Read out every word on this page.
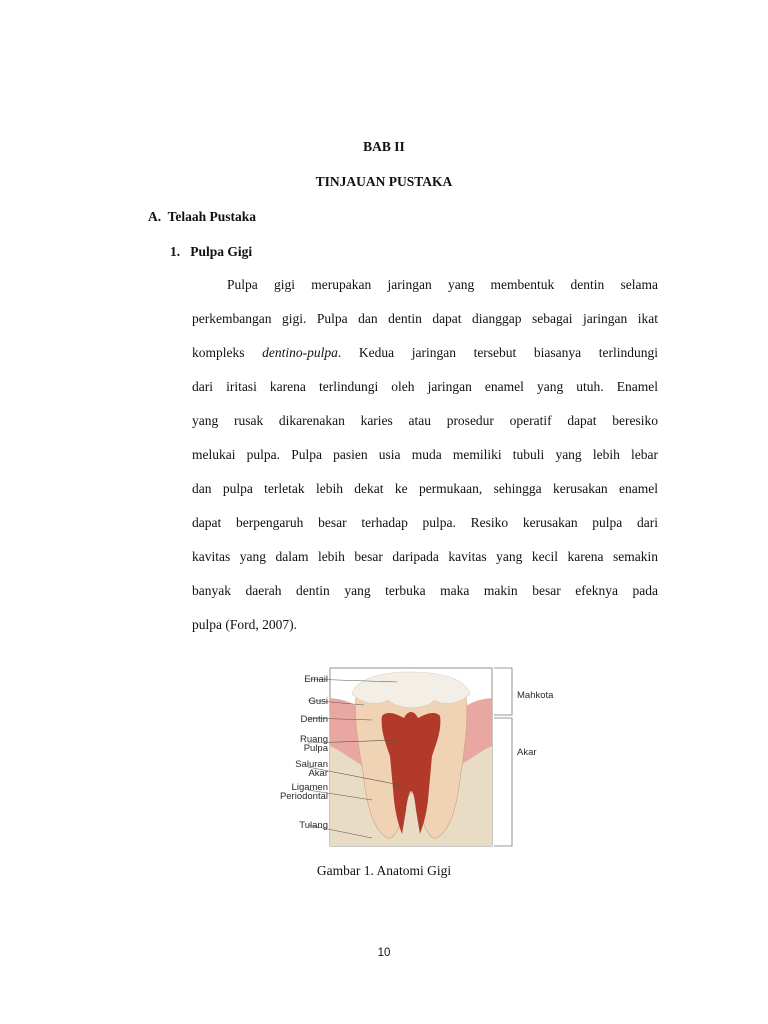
BAB II
TINJAUAN PUSTAKA
A.  Telaah Pustaka
1.   Pulpa Gigi
Pulpa gigi merupakan jaringan yang membentuk dentin selama
perkembangan gigi. Pulpa dan dentin dapat dianggap sebagai jaringan ikat
kompleks dentino-pulpa. Kedua jaringan tersebut biasanya terlindungi
dari iritasi karena terlindungi oleh jaringan enamel yang utuh. Enamel
yang rusak dikarenakan karies atau prosedur operatif dapat beresiko
melukai pulpa. Pulpa pasien usia muda memiliki tubuli yang lebih lebar
dan pulpa terletak lebih dekat ke permukaan, sehingga kerusakan enamel
dapat berpengaruh besar terhadap pulpa. Resiko kerusakan pulpa dari
kavitas yang dalam lebih besar daripada kavitas yang kecil karena semakin
banyak daerah dentin yang terbuka maka makin besar efeknya pada
pulpa (Ford, 2007).
Email
Gusi
Dentin
Ruang
Pulpa
Saluran
Akar
Ligamen
Periodontal
Tulang
Mahkota
Akar
Gambar 1. Anatomi Gigi
10
